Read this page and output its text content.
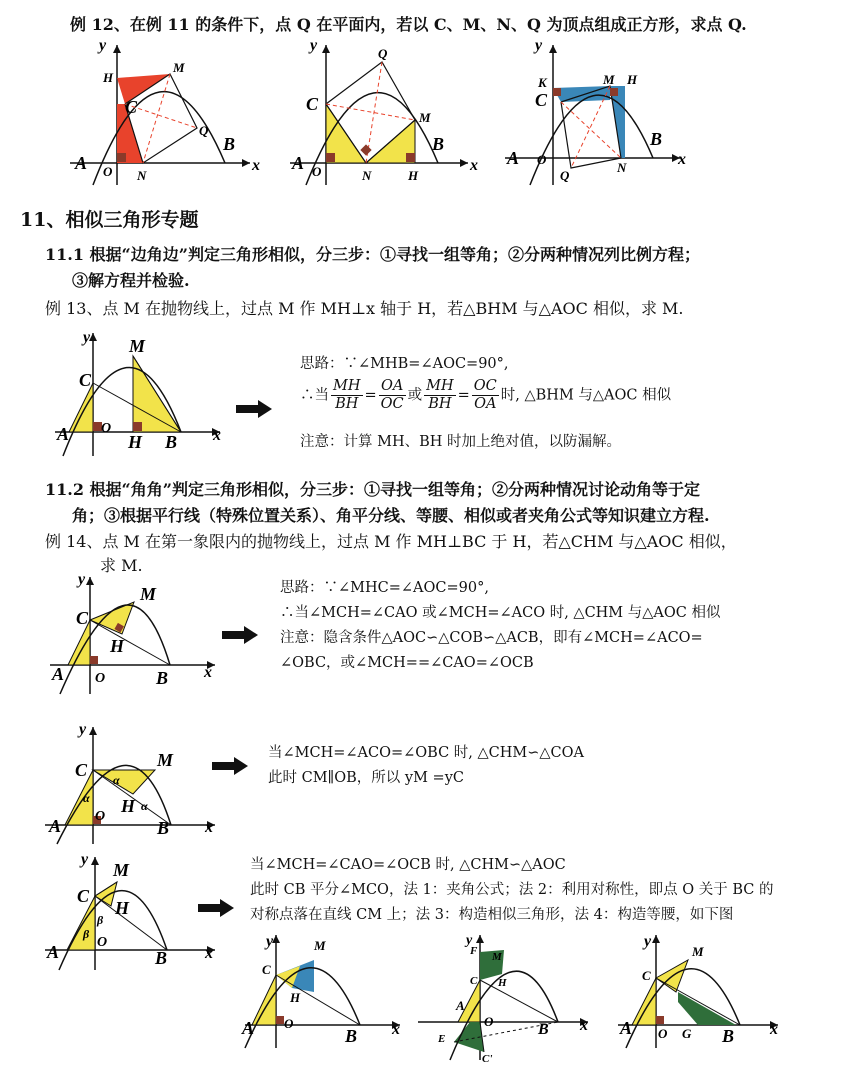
例 12、在例 11 的条件下，点 Q 在平面内，若以 C、M、N、Q 为顶点组成正方形，求点 Q.
C
H
M
Q
N
A O
B
x
y
C
Q
M
N	H
A O
B
x
y
C
K	M H
N
Q
A O
B
x
y
11、相似三角形专题
11.1 根据“边角边”判定三角形相似，分三步：①寻找一组等角；②分两种情况列比例方程；
③解方程并检验.
例 13、点 M 在抛物线上，过点 M 作 MH⊥x 轴于 H，若△BHM 与△AOC 相似，求 M.
C
M
A O
H B x
y
思路：∵∠MHB=∠AOC=90°,
∴当 $\frac{MH}{BH} = \frac{OA}{OC}$ 或 $\frac{MH}{BH} = \frac{OC}{OA}$ 时, △BHM 与△AOC 相似
注意：计算 MH、BH 时加上绝对值，以防漏解。
11.2 根据“角角”判定三角形相似，分三步：①寻找一组等角；②分两种情况讨论动角等于定
角；③根据平行线（特殊位置关系）、角平分线、等腰、相似或者夹角公式等知识建立方程.
例 14、点 M 在第一象限内的抛物线上，过点 M 作 MH⊥BC 于 H，若△CHM 与△AOC 相似，
求 M.
C
M
H
A O	B x
y	思路：∵∠MHC=∠AOC=90°,
∴当∠MCH=∠CAO 或∠MCH=∠ACO 时, △CHM 与△AOC 相似
注意：隐含条件△AOC∽△COB∽△ACB，即有∠MCH=∠ACO=
∠OBC，或∠MCH==∠CAO=∠OCB
C	M
H
α
α
α
A O
B x
y
当∠MCH=∠ACO=∠OBC 时, △CHM∽△COA
此时 CM∥OB，所以 yM =yC
C
M
H
β
β
A	O
B x
y	当∠MCH=∠CAO=∠OCB 时, △CHM∽△AOC
此时 CB 平分∠MCO，法 1：夹角公式；法 2：利用对称性，即点 O 关于 BC 的
对称点落在直线 CM 上；法 3：构造相似三角形，法 4：构造等腰，如下图
C
M
H
A O
B x
y
F M
C H
A
O	B
E
C'
x
y
C
M
A O G B x
y
